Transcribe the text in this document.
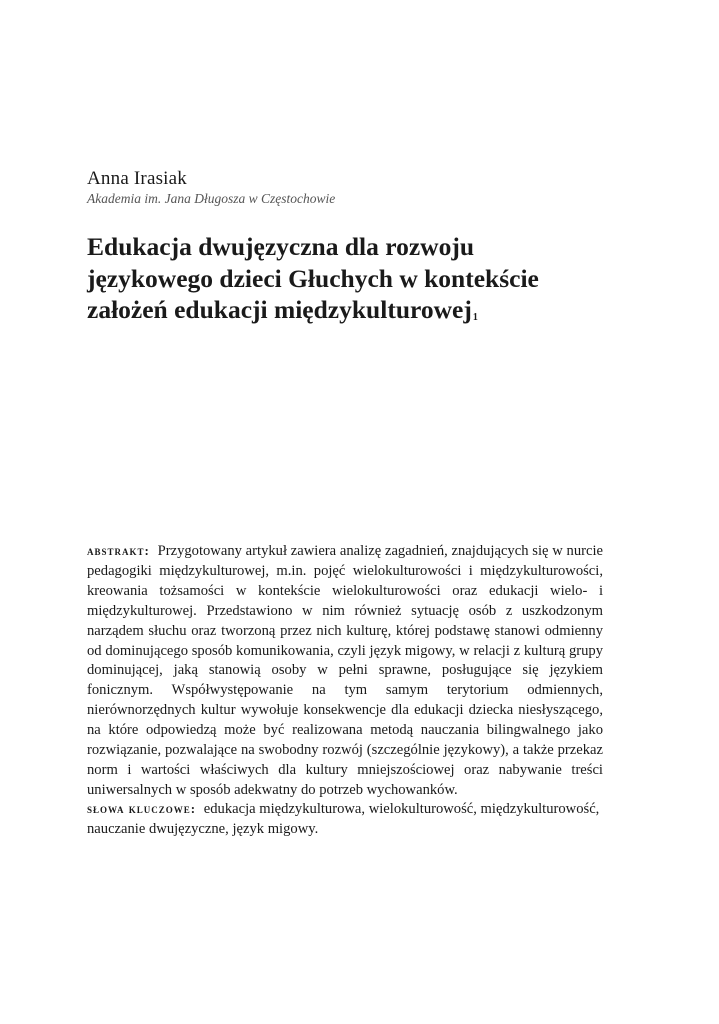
Anna Irasiak
Akademia im. Jana Długosza w Częstochowie
Edukacja dwujęzyczna dla rozwoju
językowego dzieci Głuchych w kontekście
założeń edukacji międzykulturowej$^1$

abstrakt: Przygotowany artykuł zawiera analizę zagadnień, znajdujących się w nurcie pedagogiki międzykulturowej, m.in. pojęć wielokulturowości i międzykulturowości, kreowania tożsamości w kontekście wielokulturowości oraz edukacji wielo- i międzykulturowej. Przedstawiono w nim również sytuację osób z uszkodzonym narządem słuchu oraz tworzoną przez nich kulturę, której podstawę stanowi odmienny od dominującego sposób komunikowania, czyli język migowy, w relacji z kulturą grupy dominującej, jaką stanowią osoby w pełni sprawne, posługujące się językiem fonicznym. Współwystępowanie na tym samym terytorium odmiennych, nierównorzędnych kultur wywołuje konsekwencje dla edukacji dziecka niesłyszącego, na które odpowiedzą może być realizowana metodą nauczania bilingwalnego jako rozwiązanie, pozwalające na swobodny rozwój (szczególnie językowy), a także przekaz norm i wartości właściwych dla kultury mniejszościowej oraz nabywanie treści uniwersalnych w sposób adekwatny do potrzeb wychowanków.

słowa kluczowe: edukacja międzykulturowa, wielokulturowość, międzykulturowość, nauczanie dwujęzyczne, język migowy.
